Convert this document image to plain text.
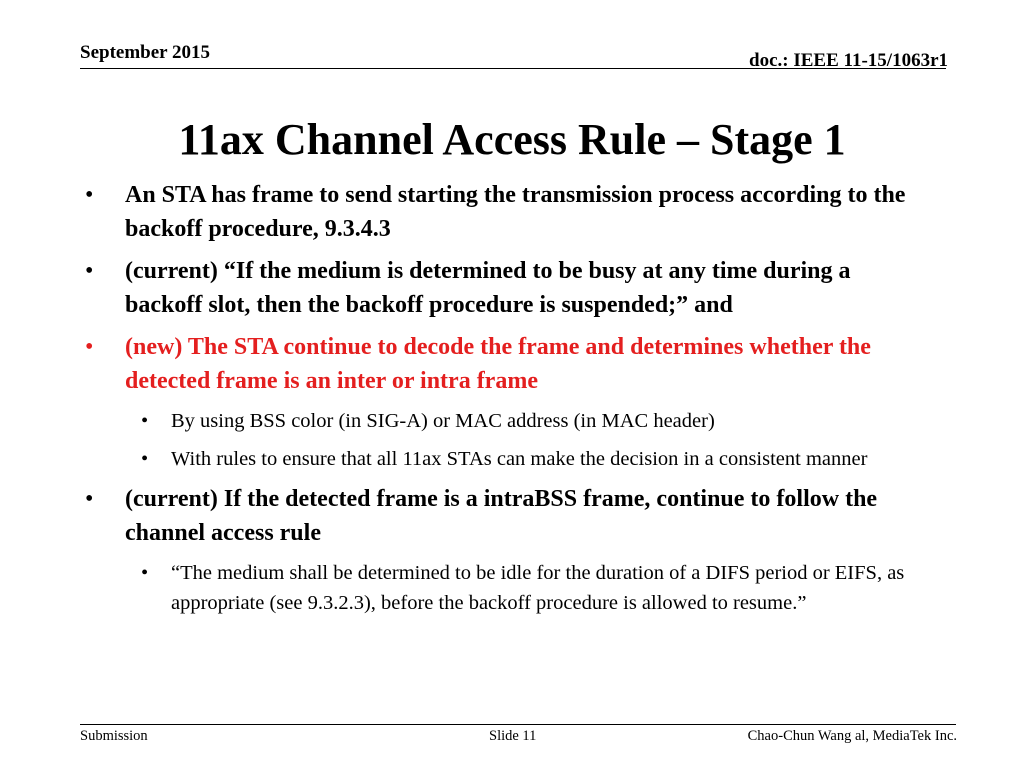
September 2015	doc.: IEEE 11-15/1063r1
11ax Channel Access Rule – Stage 1
•	An STA has frame to send starting the transmission process according to the backoff procedure, 9.3.4.3
•	(current) “If the medium is determined to be busy at any time during a backoff slot, then the backoff procedure is suspended;” and
•	(new) The STA continue to decode the frame and determines whether the detected frame is an inter or intra frame
• By using BSS color (in SIG-A) or MAC address (in MAC header)
• With rules to ensure that all 11ax STAs can make the decision in a consistent manner
•	(current) If the detected frame is a intraBSS frame, continue to follow the channel access rule
• “The medium shall be determined to be idle for the duration of a DIFS period or EIFS, as appropriate (see 9.3.2.3), before the backoff procedure is allowed to resume.”
Submission	Slide 11	Chao-Chun Wang al, MediaTek Inc.
